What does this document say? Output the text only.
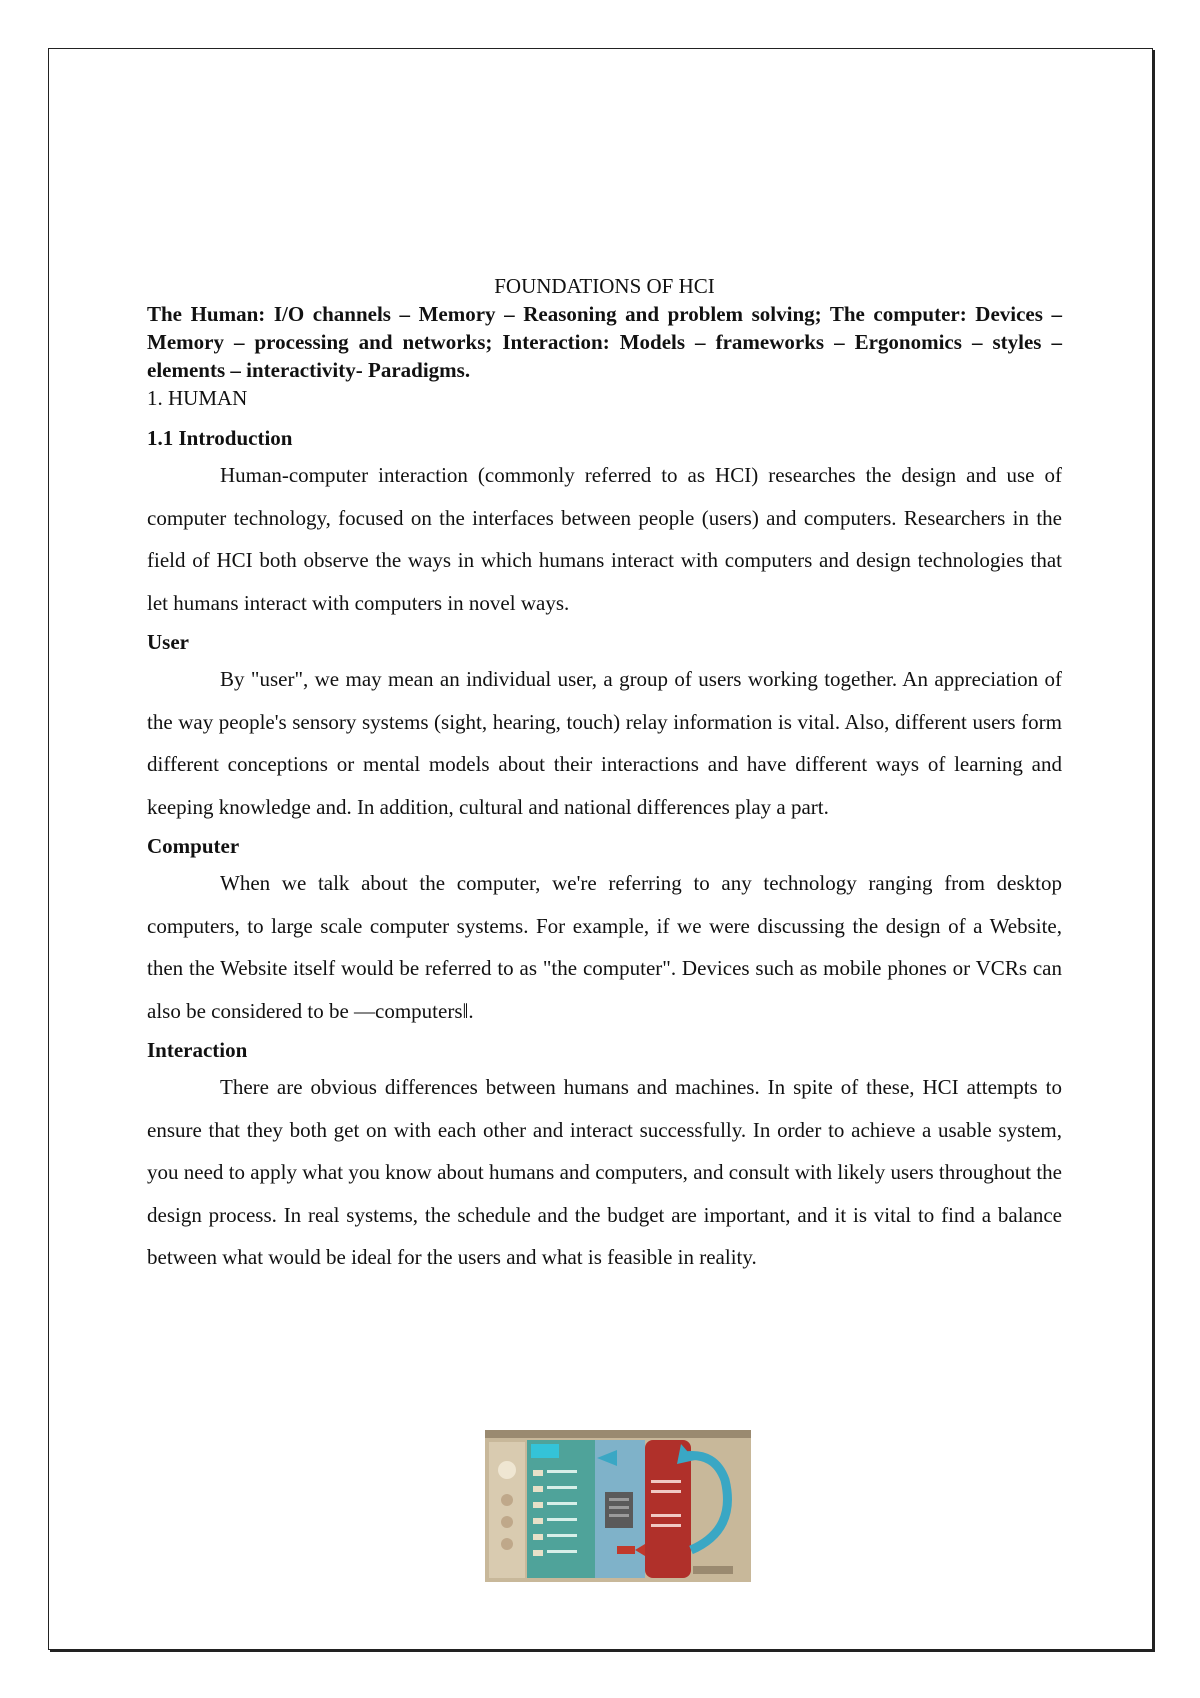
FOUNDATIONS OF HCI

The Human: I/O channels – Memory – Reasoning and problem solving; The computer: Devices – Memory – processing and networks; Interaction: Models – frameworks – Ergonomics – styles – elements – interactivity- Paradigms.

1. HUMAN
1.1 Introduction

Human-computer interaction (commonly referred to as HCI) researches the design and use of computer technology, focused on the interfaces between people (users) and computers. Researchers in the field of HCI both observe the ways in which humans interact with computers and design technologies that let humans interact with computers in novel ways.

User

By "user", we may mean an individual user, a group of users working together. An appreciation of the way people's sensory systems (sight, hearing, touch) relay information is vital. Also, different users form different conceptions or mental models about their interactions and have different ways of learning and keeping knowledge and. In addition, cultural and national differences play a part.

Computer

When we talk about the computer, we're referring to any technology ranging from desktop computers, to large scale computer systems. For example, if we were discussing the design of a Website, then the Website itself would be referred to as "the computer". Devices such as mobile phones or VCRs can also be considered to be ―computers‖.

Interaction

There are obvious differences between humans and machines. In spite of these, HCI attempts to ensure that they both get on with each other and interact successfully. In order to achieve a usable system, you need to apply what you know about humans and computers, and consult with likely users throughout the design process. In real systems, the schedule and the budget are important, and it is vital to find a balance between what would be ideal for the users and what is feasible in reality.
